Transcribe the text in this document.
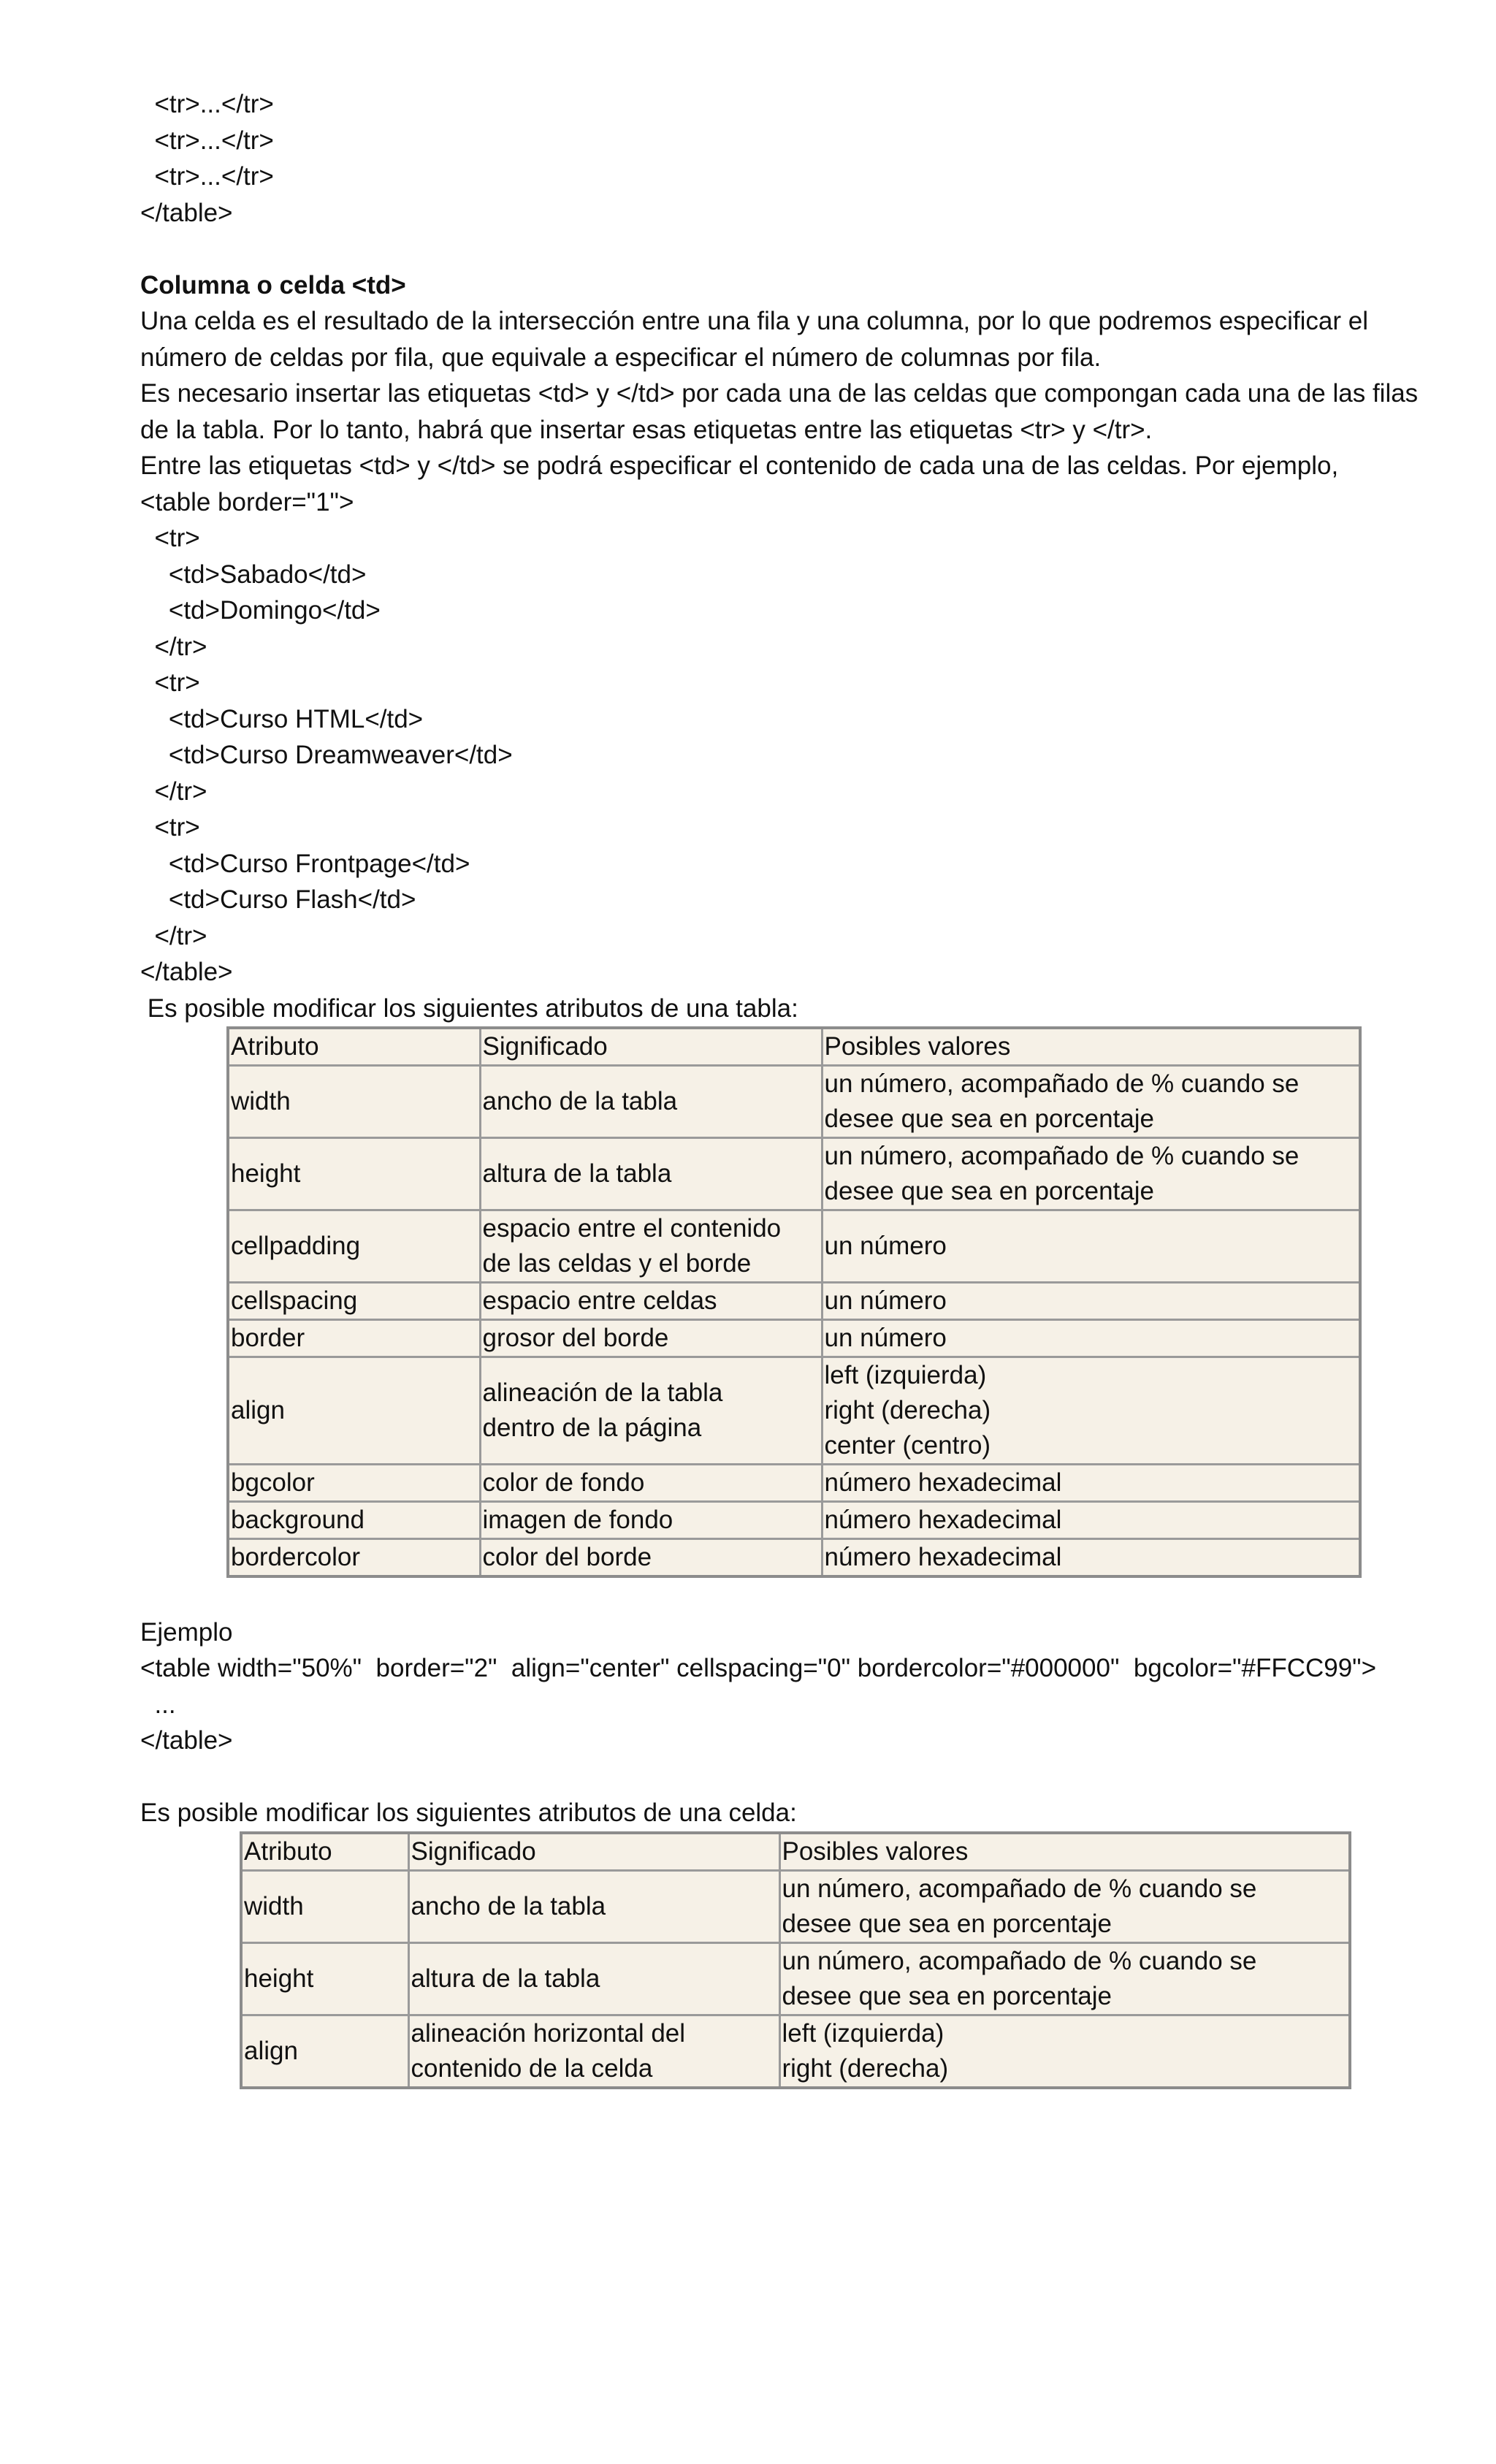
<tr>...</tr>

<tr>...</tr>

<tr>...</tr>

</table>

Columna o celda <td>

Una celda es el resultado de la intersección entre una fila y una columna, por lo que podremos especificar el número de celdas por fila, que equivale a especificar el número de columnas por fila.

Es necesario insertar las etiquetas <td> y </td> por cada una de las celdas que compongan cada una de las filas de la tabla. Por lo tanto, habrá que insertar esas etiquetas entre las etiquetas <tr> y </tr>.

Entre las etiquetas <td> y </td> se podrá especificar el contenido de cada una de las celdas. Por ejemplo,

<table border="1">

<tr>

<td>Sabado</td>

<td>Domingo</td>

</tr>

<tr>

<td>Curso HTML</td>

<td>Curso Dreamweaver</td>

</tr>

<tr>

<td>Curso Frontpage</td>

<td>Curso Flash</td>

</tr>

</table>

Es posible modificar los siguientes atributos de una tabla:

Atributo	Significado	Posibles valores
width	ancho de la tabla	un número, acompañado de % cuando se
desee que sea en porcentaje

height	altura de la tabla	un número, acompañado de % cuando se
desee que sea en porcentaje

cellpadding	espacio entre el contenido
de las celdas y el borde	un número

cellspacing	espacio entre celdas	un número

border	grosor del borde	un número

align	alineación de la tabla
dentro de la página	left (izquierda)
right (derecha)
center (centro)

bgcolor	color de fondo	número hexadecimal

background	imagen de fondo	número hexadecimal

bordercolor	color del borde	número hexadecimal

Ejemplo

<table width="50%"  border="2"  align="center" cellspacing="0" bordercolor="#000000"  bgcolor="#FFCC99">

...

</table>

Es posible modificar los siguientes atributos de una celda:

Atributo	Significado	Posibles valores
width	ancho de la tabla	un número, acompañado de % cuando se
desee que sea en porcentaje

height	altura de la tabla	un número, acompañado de % cuando se
desee que sea en porcentaje

align	alineación horizontal del
contenido de la celda	left (izquierda)
right (derecha)
